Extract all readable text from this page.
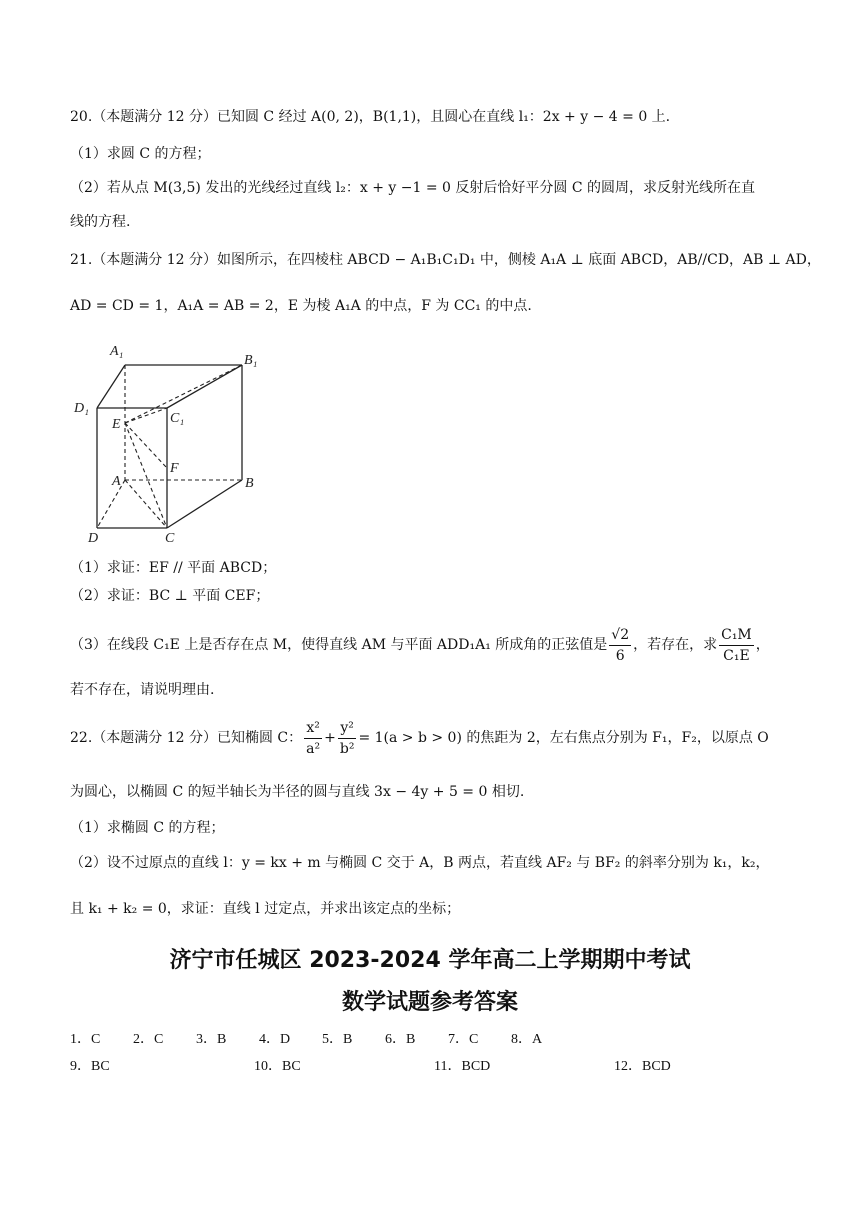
20.（本题满分 12 分）已知圆 C 经过 A(0, 2)，B(1,1)，且圆心在直线 l₁：2x + y − 4 = 0 上.
（1）求圆 C 的方程；
（2）若从点 M(3,5) 发出的光线经过直线 l₂：x + y −1 = 0 反射后恰好平分圆 C 的圆周，求反射光线所在直
线的方程.
21.（本题满分 12 分）如图所示，在四棱柱 ABCD − A₁B₁C₁D₁ 中，侧棱 A₁A ⊥ 底面 ABCD，AB//CD，AB ⊥ AD，
AD = CD = 1，A₁A = AB = 2，E 为棱 A₁A 的中点，F 为 CC₁ 的中点.
A₁
B₁
D₁
C₁
E
F
A	B
D	C
（1）求证：EF // 平面 ABCD；
（2）求证：BC ⊥ 平面 CEF；
（3）在线段 C₁E 上是否存在点 M，使得直线 AM 与平面 ADD₁A₁ 所成角的正弦值是 $\frac{√2}{6}$ ，若存在，求 $\frac{\text{C₁M}}{\text{C₁E}}$ ，
若不存在，请说明理由.
22.（本题满分 12 分）已知椭圆 C： $\frac{\text{x²}}{\text{a²}} + \frac{\text{y²}}{\text{b²}} = 1(a > b > 0)$ 的焦距为 2，左右焦点分别为 F₁，F₂，以原点 O
为圆心，以椭圆 C 的短半轴长为半径的圆与直线 3x − 4y + 5 = 0 相切.
（1）求椭圆 C 的方程；
（2）设不过原点的直线 l：y = kx + m 与椭圆 C 交于 A，B 两点，若直线 AF₂ 与 BF₂ 的斜率分别为 k₁，k₂，
且 k₁ + k₂ = 0，求证：直线 l 过定点，并求出该定点的坐标；
济宁市任城区 2023-2024 学年高二上学期期中考试
数学试题参考答案
1．C 2．C 3．B 4．D 5．B 6．B 7．C 8．A
9．BC	10．BC	11．BCD	12．BCD
